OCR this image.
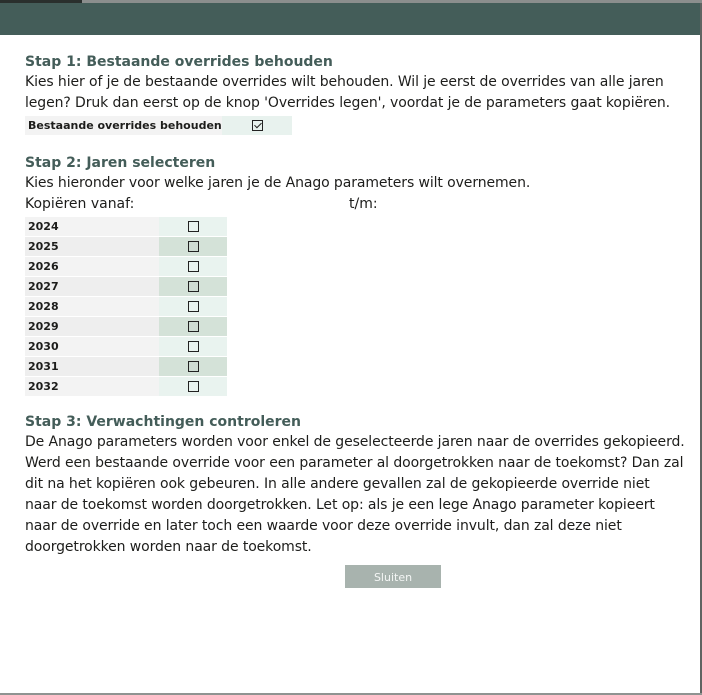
Stap 1: Bestaande overrides behouden

Kies hier of je de bestaande overrides wilt behouden. Wil je eerst de overrides van alle jaren legen? Druk dan eerst op de knop 'Overrides legen', voordat je de parameters gaat kopiëren.

Bestaande overrides behouden
Stap 2: Jaren selecteren

Kies hieronder voor welke jaren je de Anago parameters wilt overnemen.

Kopiëren vanaf:	t/m:
2024
2025
2026
2027
2028
2029
2030
2031
2032
Stap 3: Verwachtingen controleren

De Anago parameters worden voor enkel de geselecteerde jaren naar de overrides gekopieerd. Werd een bestaande override voor een parameter al doorgetrokken naar de toekomst? Dan zal dit na het kopiëren ook gebeuren. In alle andere gevallen zal de gekopieerde override niet naar de toekomst worden doorgetrokken. Let op: als je een lege Anago parameter kopieert naar de override en later toch een waarde voor deze override invult, dan zal deze niet doorgetrokken worden naar de toekomst.

Sluiten
